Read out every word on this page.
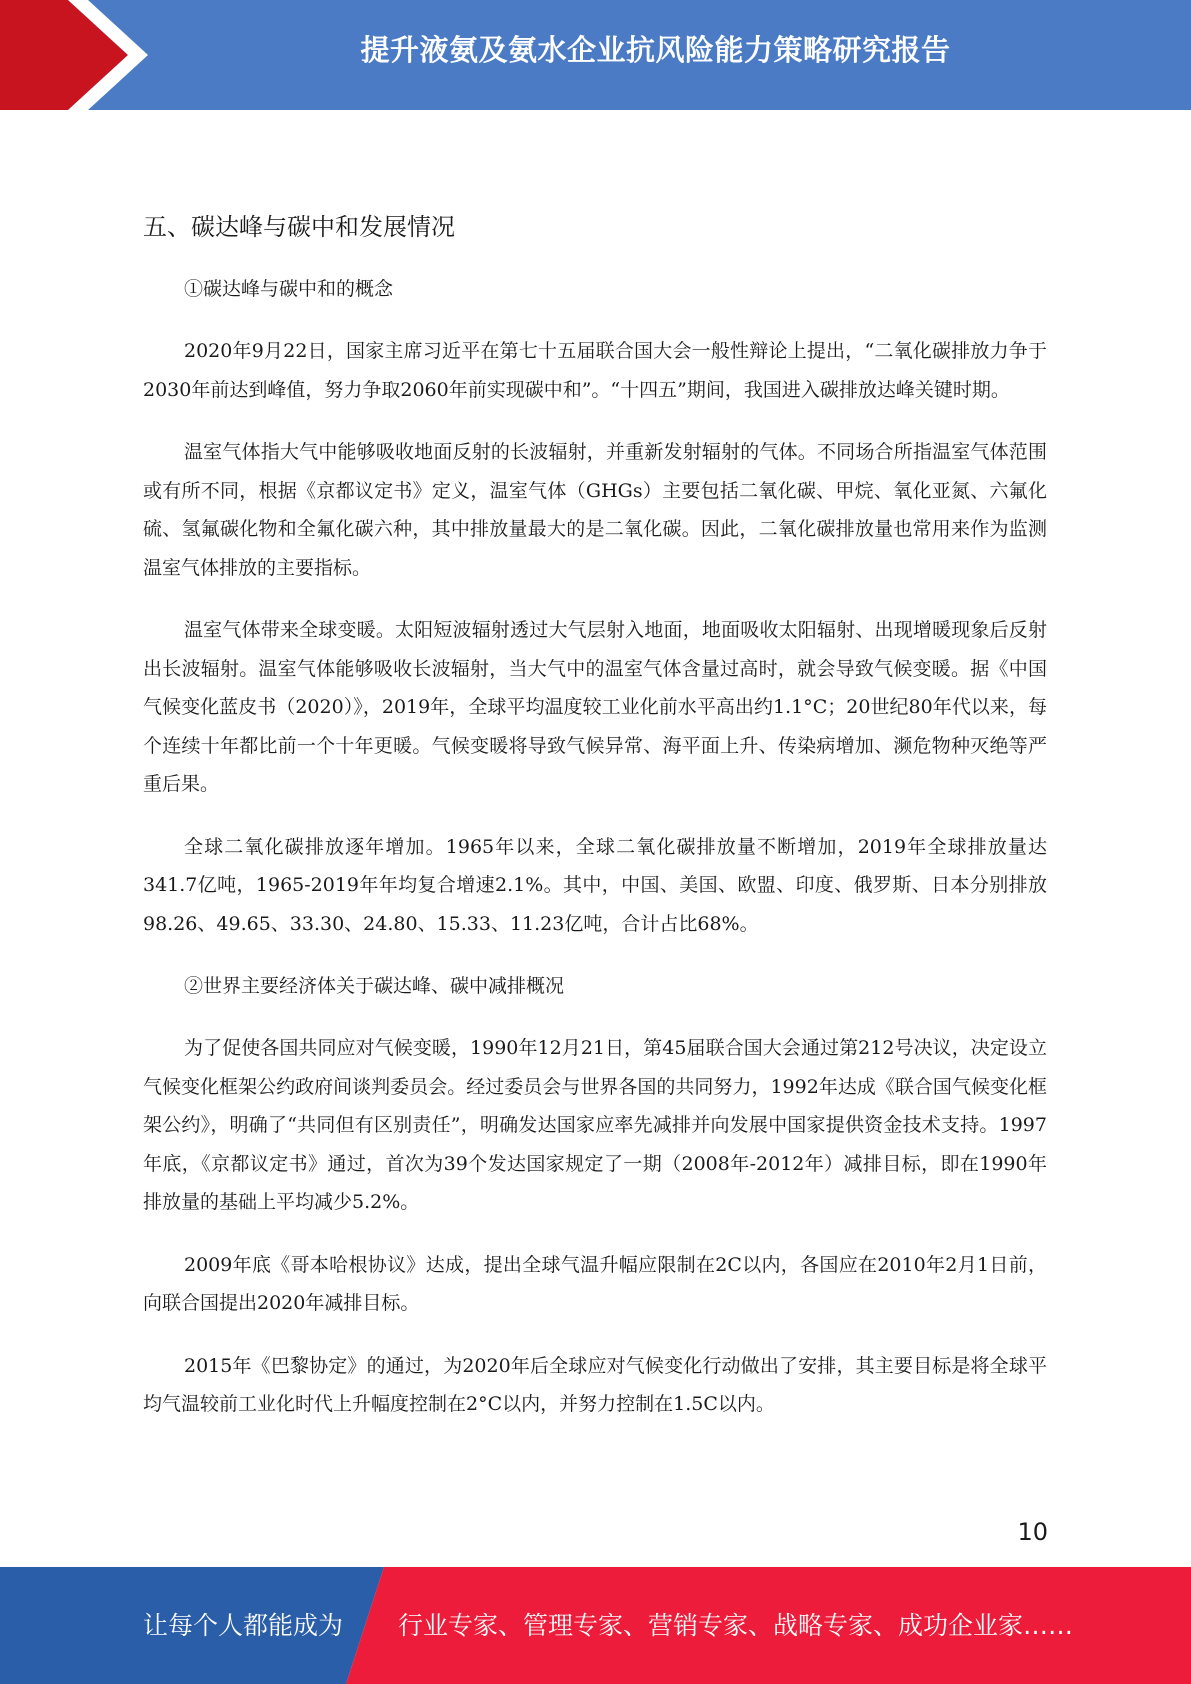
提升液氨及氨水企业抗风险能力策略研究报告
五、碳达峰与碳中和发展情况

①碳达峰与碳中和的概念

2020年9月22日，国家主席习近平在第七十五届联合国大会一般性辩论上提出，“二氧化碳排放力争于2030年前达到峰值，努力争取2060年前实现碳中和”。“十四五”期间，我国进入碳排放达峰关键时期。

温室气体指大气中能够吸收地面反射的长波辐射，并重新发射辐射的气体。不同场合所指温室气体范围或有所不同，根据《京都议定书》定义，温室气体（GHGs）主要包括二氧化碳、甲烷、氧化亚氮、六氟化硫、氢氟碳化物和全氟化碳六种，其中排放量最大的是二氧化碳。因此，二氧化碳排放量也常用来作为监测温室气体排放的主要指标。

温室气体带来全球变暖。太阳短波辐射透过大气层射入地面，地面吸收太阳辐射、出现增暖现象后反射出长波辐射。温室气体能够吸收长波辐射，当大气中的温室气体含量过高时，就会导致气候变暖。据《中国气候变化蓝皮书（2020）》，2019年，全球平均温度较工业化前水平高出约1.1°C；20世纪80年代以来，每个连续十年都比前一个十年更暖。气候变暖将导致气候异常、海平面上升、传染病增加、濒危物种灭绝等严重后果。

全球二氧化碳排放逐年增加。1965年以来，全球二氧化碳排放量不断增加，2019年全球排放量达341.7亿吨，1965-2019年年均复合增速2.1%。其中，中国、美国、欧盟、印度、俄罗斯、日本分别排放98.26、49.65、33.30、24.80、15.33、11.23亿吨，合计占比68%。

②世界主要经济体关于碳达峰、碳中减排概况

为了促使各国共同应对气候变暖，1990年12月21日，第45届联合国大会通过第212号决议，决定设立气候变化框架公约政府间谈判委员会。经过委员会与世界各国的共同努力，1992年达成《联合国气候变化框架公约》，明确了“共同但有区别责任”，明确发达国家应率先减排并向发展中国家提供资金技术支持。1997年底，《京都议定书》通过，首次为39个发达国家规定了一期（2008年-2012年）减排目标，即在1990年排放量的基础上平均减少5.2%。

2009年底《哥本哈根协议》达成，提出全球气温升幅应限制在2C以内，各国应在2010年2月1日前，向联合国提出2020年减排目标。

2015年《巴黎协定》的通过，为2020年后全球应对气候变化行动做出了安排，其主要目标是将全球平均气温较前工业化时代上升幅度控制在2°C以内，并努力控制在1.5C以内。

10
让每个人都能成为 行业专家、管理专家、营销专家、战略专家、成功企业家……
